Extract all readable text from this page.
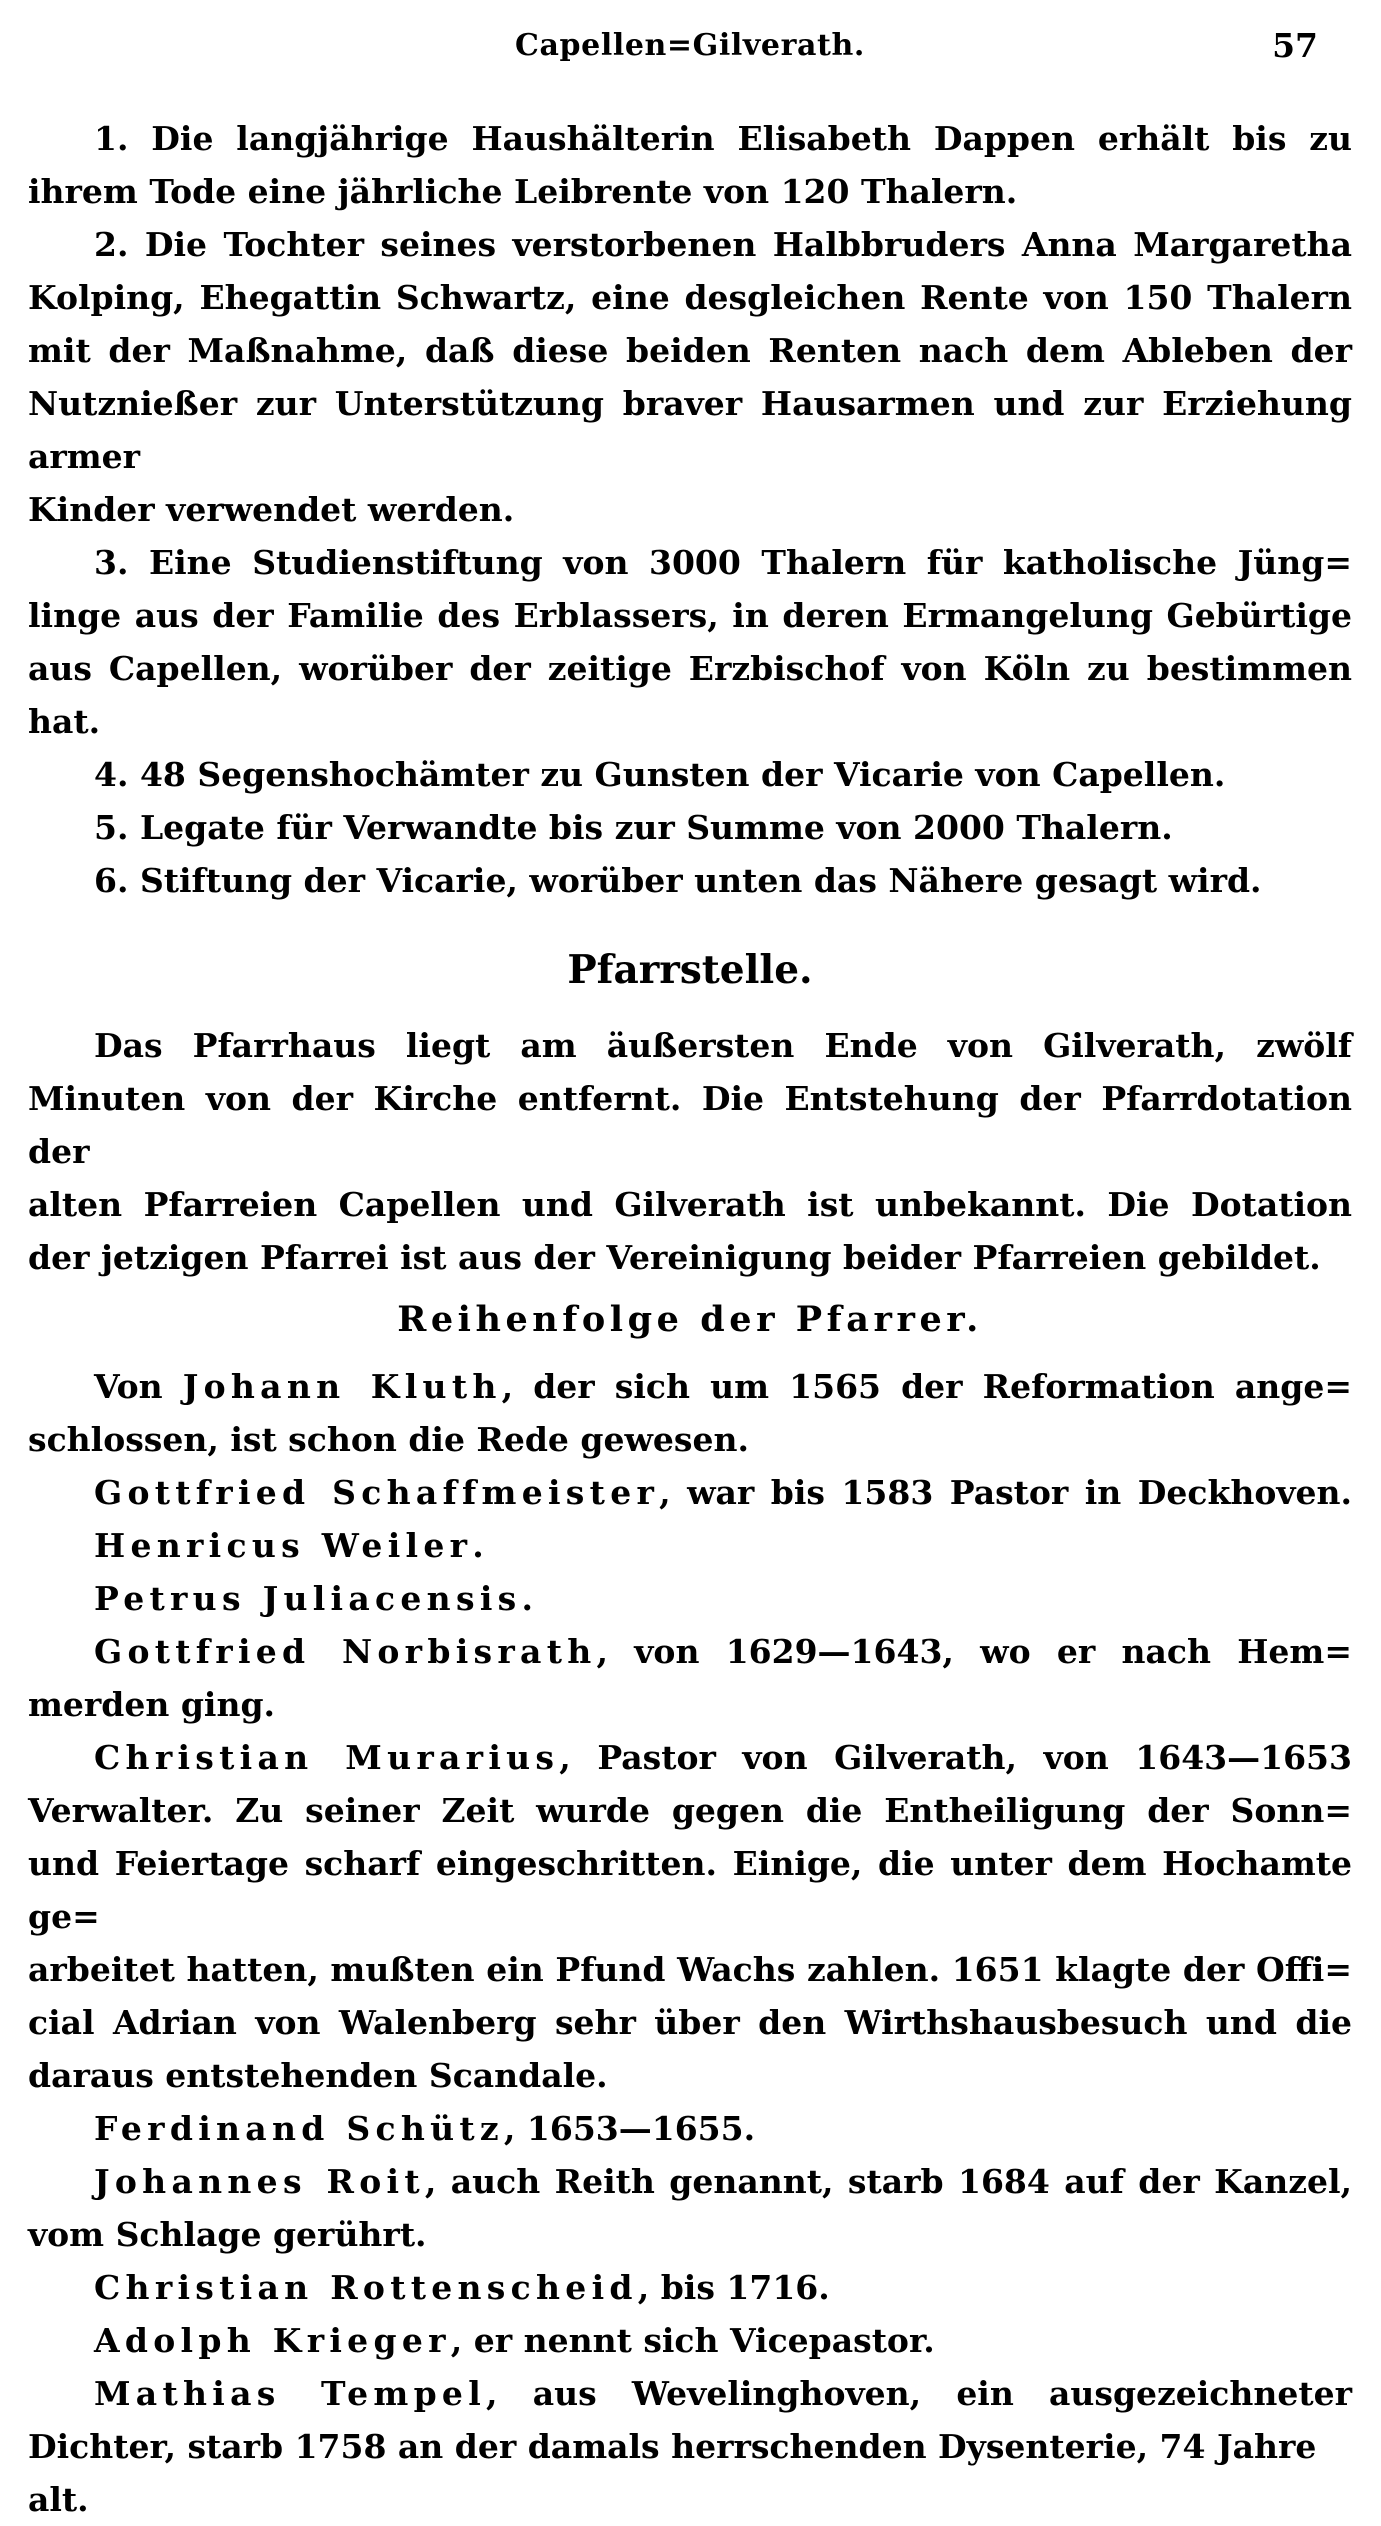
Capellen=Gilverath.	57
1. Die langjährige Haushälterin Elisabeth Dappen erhält bis zu
ihrem Tode eine jährliche Leibrente von 120 Thalern.
2. Die Tochter seines verstorbenen Halbbruders Anna Margaretha
Kolping, Ehegattin Schwartz, eine desgleichen Rente von 150 Thalern
mit der Maßnahme, daß diese beiden Renten nach dem Ableben der
Nutznießer zur Unterstützung braver Hausarmen und zur Erziehung armer
Kinder verwendet werden.
3. Eine Studienstiftung von 3000 Thalern für katholische Jüng=
linge aus der Familie des Erblassers, in deren Ermangelung Gebürtige
aus Capellen, worüber der zeitige Erzbischof von Köln zu bestimmen hat.
4. 48 Segenshochämter zu Gunsten der Vicarie von Capellen.
5. Legate für Verwandte bis zur Summe von 2000 Thalern.
6. Stiftung der Vicarie, worüber unten das Nähere gesagt wird.
Pfarrstelle.
Das Pfarrhaus liegt am äußersten Ende von Gilverath, zwölf
Minuten von der Kirche entfernt. Die Entstehung der Pfarrdotation der
alten Pfarreien Capellen und Gilverath ist unbekannt. Die Dotation
der jetzigen Pfarrei ist aus der Vereinigung beider Pfarreien gebildet.
Reihenfolge der Pfarrer.
Von Johann Kluth, der sich um 1565 der Reformation ange=
schlossen, ist schon die Rede gewesen.
Gottfried Schaffmeister, war bis 1583 Pastor in Deckhoven.
Henricus Weiler.
Petrus Juliacensis.
Gottfried Norbisrath, von 1629—1643, wo er nach Hem=
merden ging.
Christian Murarius, Pastor von Gilverath, von 1643—1653
Verwalter. Zu seiner Zeit wurde gegen die Entheiligung der Sonn=
und Feiertage scharf eingeschritten. Einige, die unter dem Hochamte ge=
arbeitet hatten, mußten ein Pfund Wachs zahlen. 1651 klagte der Offi=
cial Adrian von Walenberg sehr über den Wirthshausbesuch und die
daraus entstehenden Scandale.
Ferdinand Schütz, 1653—1655.
Johannes Roit, auch Reith genannt, starb 1684 auf der Kanzel,
vom Schlage gerührt.
Christian Rottenscheid, bis 1716.
Adolph Krieger, er nennt sich Vicepastor.
Mathias Tempel, aus Wevelinghoven, ein ausgezeichneter
Dichter, starb 1758 an der damals herrschenden Dysenterie, 74 Jahre alt.
